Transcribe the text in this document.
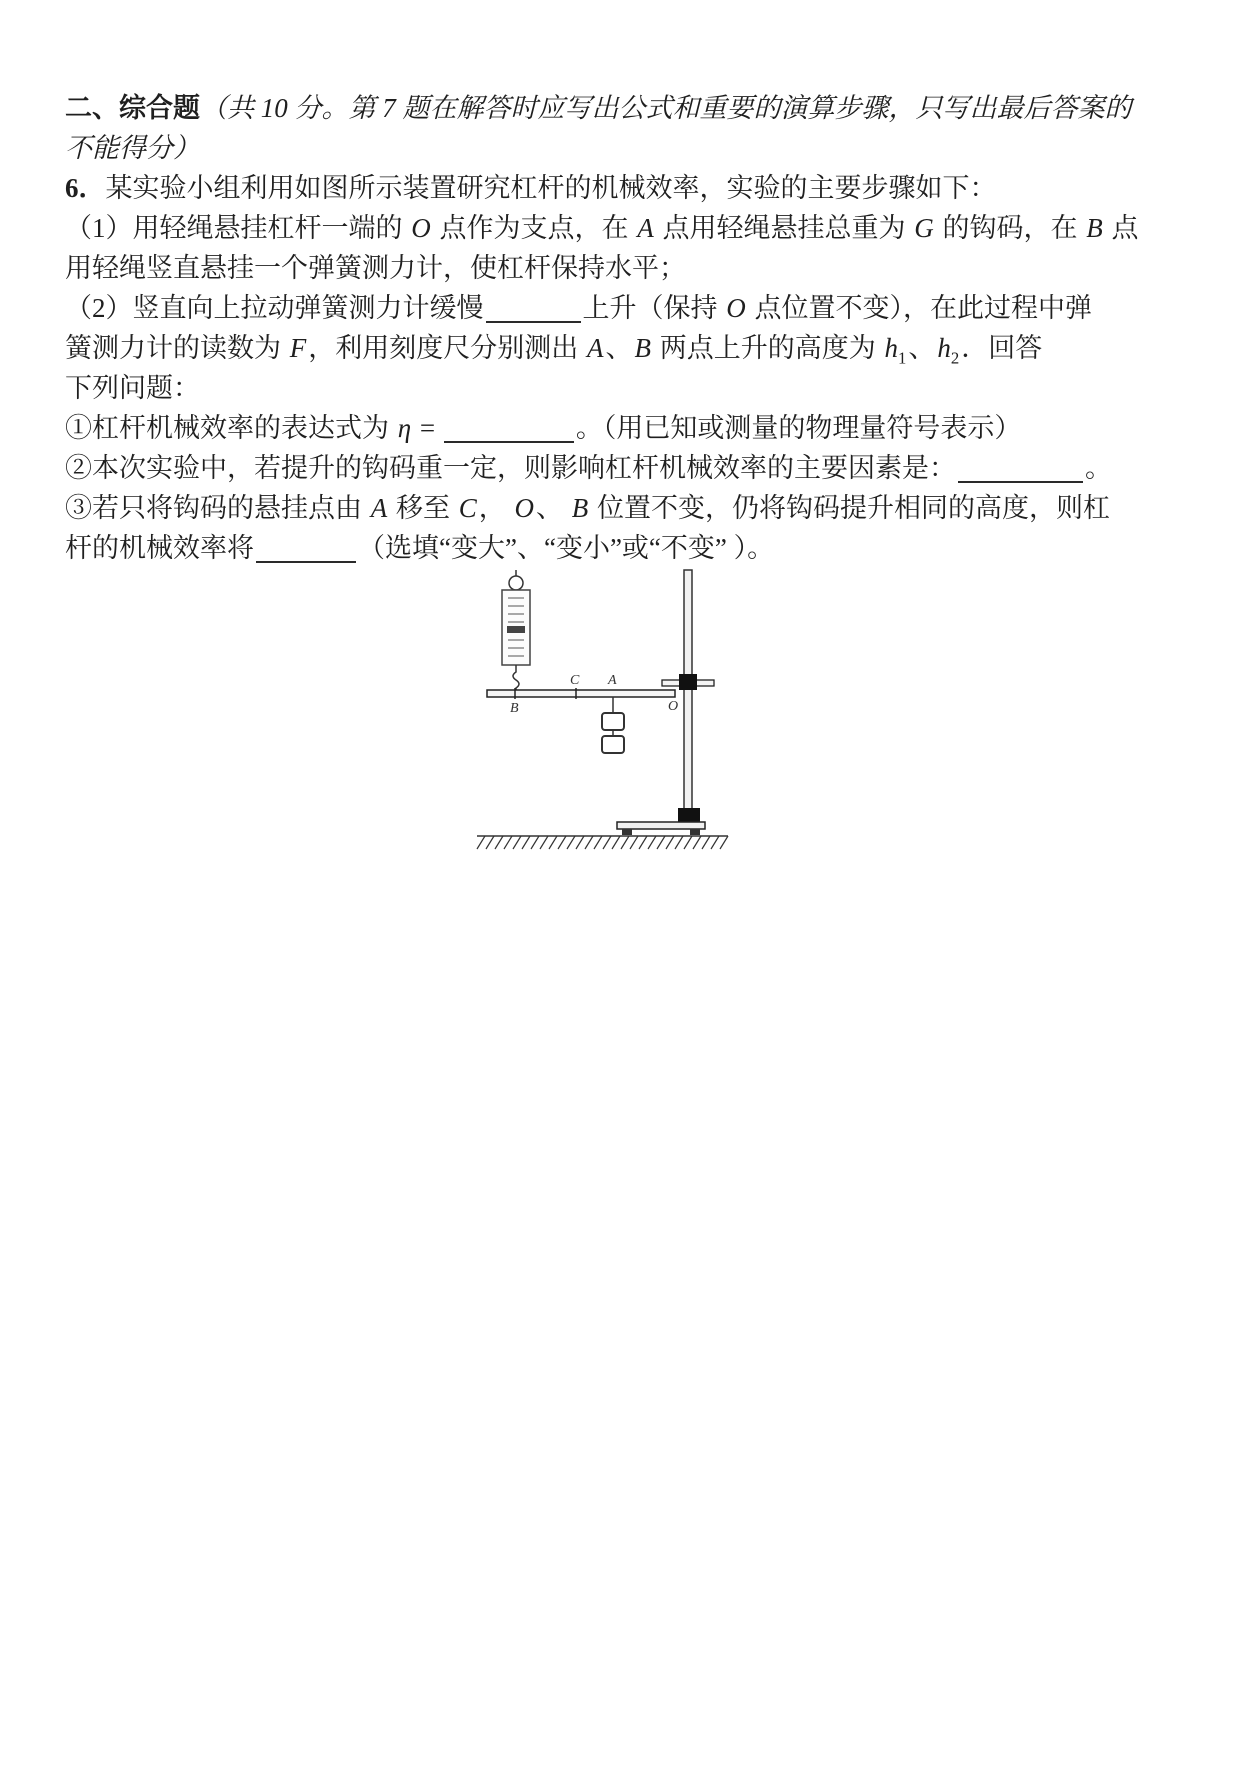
二、综合题（共 10 分。第 7 题在解答时应写出公式和重要的演算步骤，只写出最后答案的

不能得分）

6．某实验小组利用如图所示装置研究杠杆的机械效率，实验的主要步骤如下：

（1）用轻绳悬挂杠杆一端的 O 点作为支点，在 A 点用轻绳悬挂总重为 G 的钩码，在 B 点

用轻绳竖直悬挂一个弹簧测力计，使杠杆保持水平；

（2）竖直向上拉动弹簧测力计缓慢	上升（保持 O 点位置不变），在此过程中弹

簧测力计的读数为 F，利用刻度尺分别测出 A、B 两点上升的高度为 $h_1$、$h_2$．回答

下列问题：

①杠杆机械效率的表达式为 η =	。（用已知或测量的物理量符号表示）

②本次实验中，若提升的钩码重一定，则影响杠杆机械效率的主要因素是：	。

③若只将钩码的悬挂点由 A 移至 C， O、 B 位置不变，仍将钩码提升相同的高度，则杠

杆的机械效率将	（选填“变大”、“变小”或“不变” ）。

B
C A
O
